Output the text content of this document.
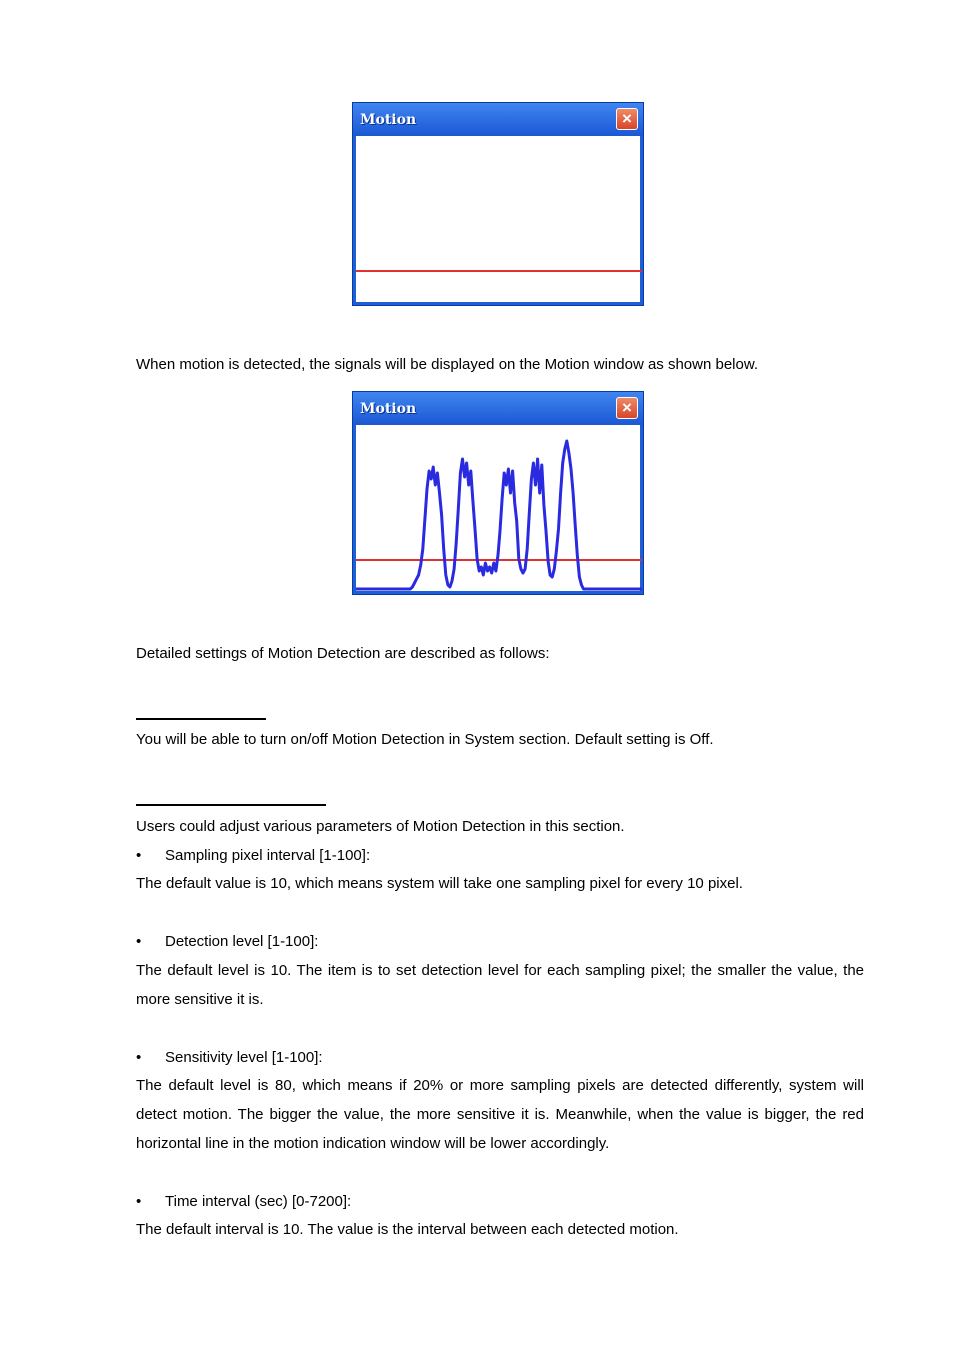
Motion	×

When motion is detected, the signals will be displayed on the Motion window as shown below.

Motion	×

Detailed settings of Motion Detection are described as follows:

You will be able to turn on/off Motion Detection in System section. Default setting is Off.

Users could adjust various parameters of Motion Detection in this section.

• Sampling pixel interval [1-100]:

The default value is 10, which means system will take one sampling pixel for every 10 pixel.

• Detection level [1-100]:

The default level is 10. The item is to set detection level for each sampling pixel; the smaller the value, the more sensitive it is.

• Sensitivity level [1-100]:

The default level is 80, which means if 20% or more sampling pixels are detected differently, system will detect motion. The bigger the value, the more sensitive it is. Meanwhile, when the value is bigger, the red horizontal line in the motion indication window will be lower accordingly.

• Time interval (sec) [0-7200]:

The default interval is 10. The value is the interval between each detected motion.
